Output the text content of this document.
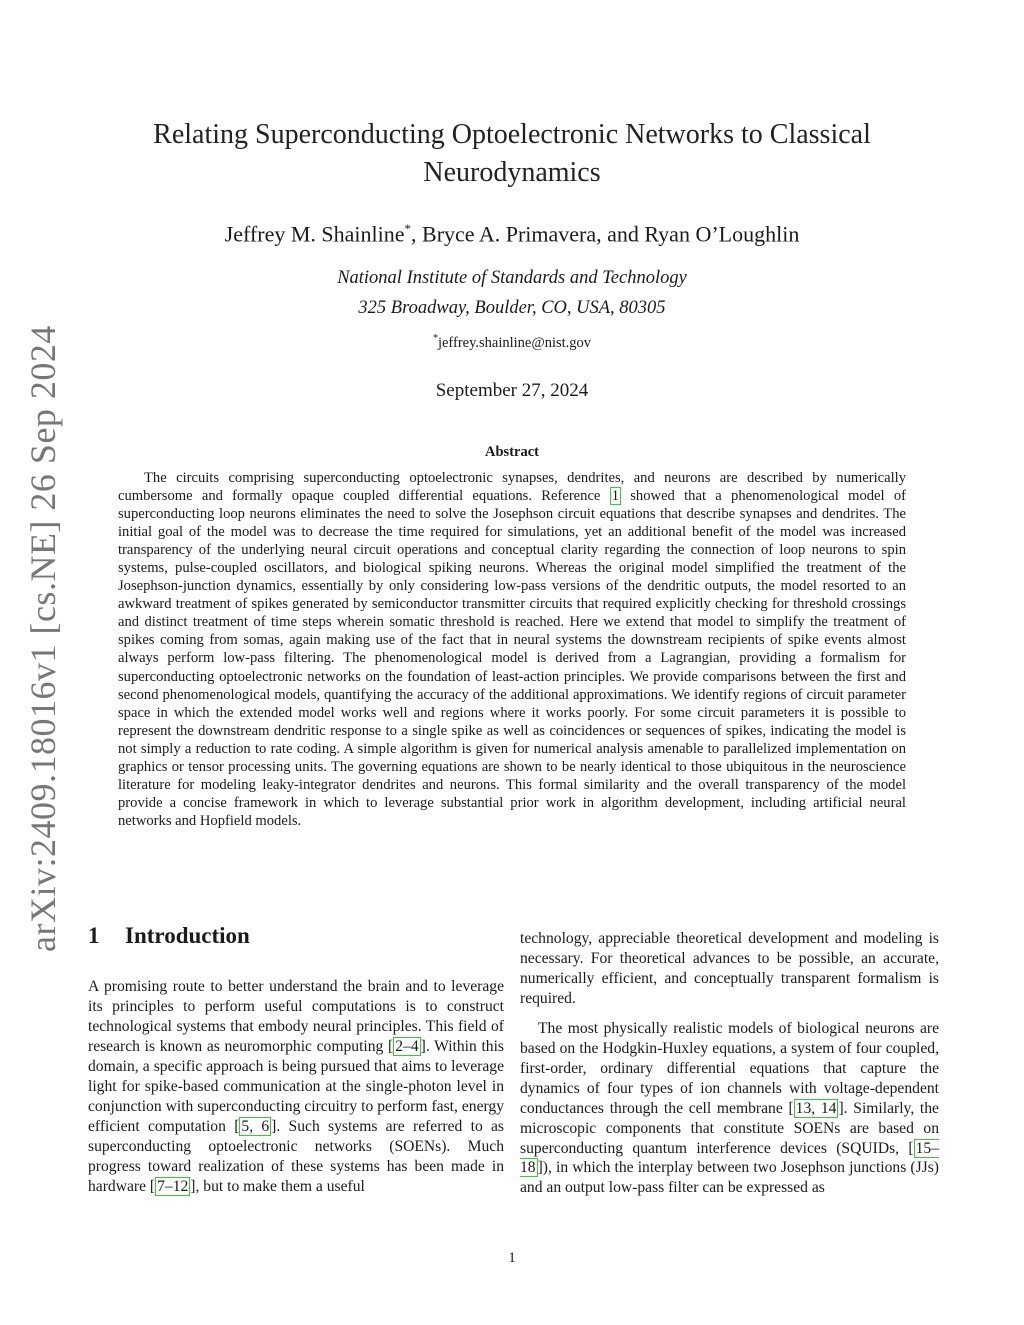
arXiv:2409.18016v1 [cs.NE] 26 Sep 2024
Relating Superconducting Optoelectronic Networks to Classical Neurodynamics
Jeffrey M. Shainline*, Bryce A. Primavera, and Ryan O’Loughlin
National Institute of Standards and Technology
325 Broadway, Boulder, CO, USA, 80305
*jeffrey.shainline@nist.gov
September 27, 2024
Abstract

The circuits comprising superconducting optoelectronic synapses, dendrites, and neurons are described by numerically cumbersome and formally opaque coupled differential equations. Reference 1 showed that a phenomenological model of superconducting loop neurons eliminates the need to solve the Josephson circuit equations that describe synapses and dendrites. The initial goal of the model was to decrease the time required for simulations, yet an additional benefit of the model was increased transparency of the underlying neural circuit operations and conceptual clarity regarding the connection of loop neurons to spin systems, pulse-coupled oscillators, and biological spiking neurons. Whereas the original model simplified the treatment of the Josephson-junction dynamics, essentially by only considering low-pass versions of the dendritic outputs, the model resorted to an awkward treatment of spikes generated by semiconductor transmitter circuits that required explicitly checking for threshold crossings and distinct treatment of time steps wherein somatic threshold is reached. Here we extend that model to simplify the treatment of spikes coming from somas, again making use of the fact that in neural systems the downstream recipients of spike events almost always perform low-pass filtering. The phenomenological model is derived from a Lagrangian, providing a formalism for superconducting optoelectronic networks on the foundation of least-action principles. We provide comparisons between the first and second phenomenological models, quantifying the accuracy of the additional approximations. We identify regions of circuit parameter space in which the extended model works well and regions where it works poorly. For some circuit parameters it is possible to represent the downstream dendritic response to a single spike as well as coincidences or sequences of spikes, indicating the model is not simply a reduction to rate coding. A simple algorithm is given for numerical analysis amenable to parallelized implementation on graphics or tensor processing units. The governing equations are shown to be nearly identical to those ubiquitous in the neuroscience literature for modeling leaky-integrator dendrites and neurons. This formal similarity and the overall transparency of the model provide a concise framework in which to leverage substantial prior work in algorithm development, including artificial neural networks and Hopfield models.

1 Introduction

A promising route to better understand the brain and to leverage its principles to perform useful computations is to construct technological systems that embody neural principles. This field of research is known as neuromorphic computing [ 2–4 ]. Within this domain, a specific approach is being pursued that aims to leverage light for spike-based communication at the single-photon level in conjunction with superconducting circuitry to perform fast, energy efficient computation [ 5, 6 ]. Such systems are referred to as superconducting optoelectronic networks (SOENs). Much progress toward realization of these systems has been made in hardware [ 7–12 ], but to make them a useful

technology, appreciable theoretical development and modeling is necessary. For theoretical advances to be possible, an accurate, numerically efficient, and conceptually transparent formalism is required.

The most physically realistic models of biological neurons are based on the Hodgkin-Huxley equations, a system of four coupled, first-order, ordinary differential equations that capture the dynamics of four types of ion channels with voltage-dependent conductances through the cell membrane [ 13, 14 ]. Similarly, the microscopic components that constitute SOENs are based on superconducting quantum interference devices (SQUIDs, [ 15–18 ]), in which the interplay between two Josephson junctions (JJs) and an output low-pass filter can be expressed as

1
